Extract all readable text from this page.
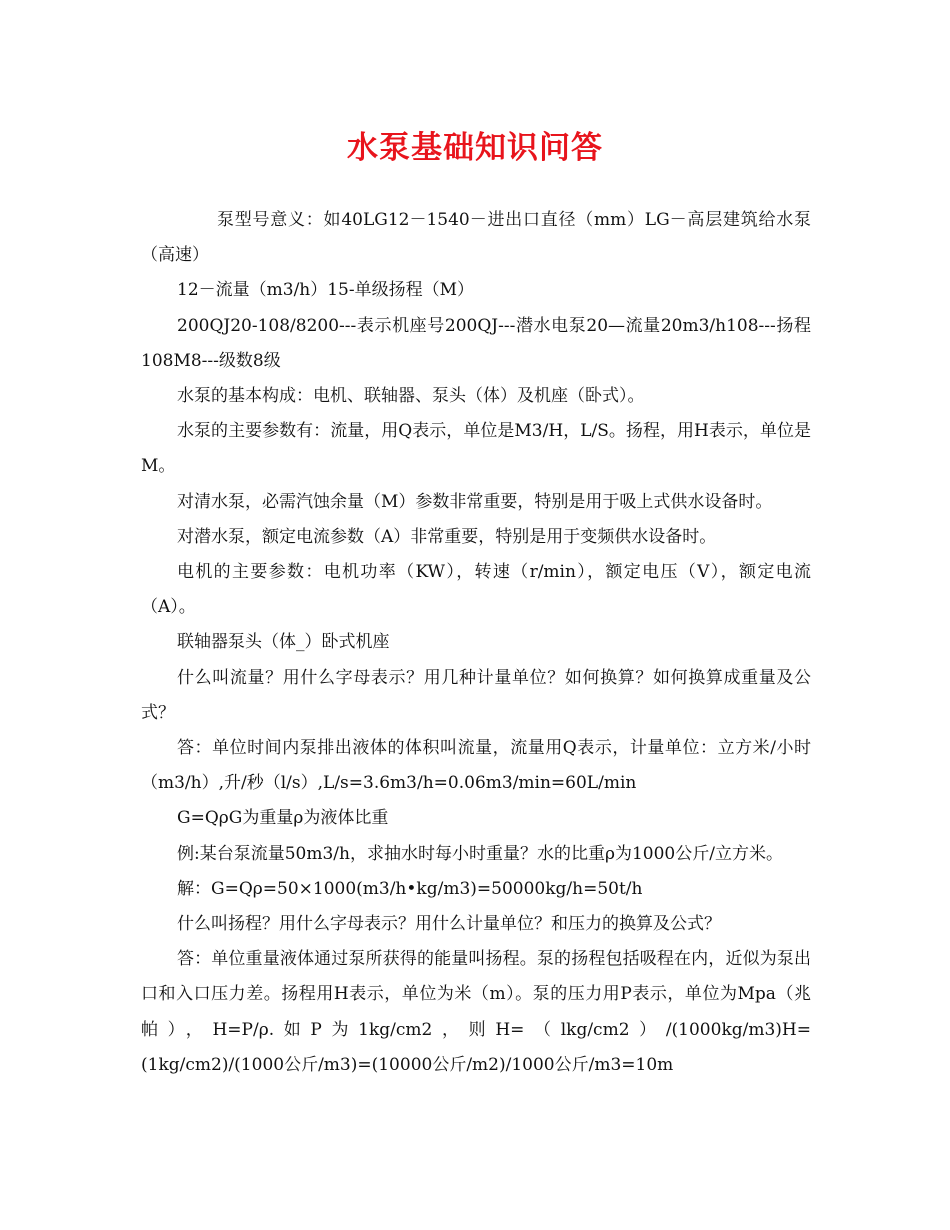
水泵基础知识问答

泵型号意义：如40LG12－1540－进出口直径（mm）LG－高层建筑给水泵（高速）

12－流量（m3/h）15-单级扬程（M）

200QJ20-108/8200---表示机座号200QJ---潜水电泵20—流量20m3/h108---扬程108M8---级数8级

水泵的基本构成：电机、联轴器、泵头（体）及机座（卧式）。

水泵的主要参数有：流量，用Q表示，单位是M3/H，L/S。扬程，用H表示，单位是M。

对清水泵，必需汽蚀余量（M）参数非常重要，特别是用于吸上式供水设备时。

对潜水泵，额定电流参数（A）非常重要，特别是用于变频供水设备时。

电机的主要参数：电机功率（KW），转速（r/min），额定电压（V），额定电流（A）。

联轴器泵头（体_）卧式机座

什么叫流量？用什么字母表示？用几种计量单位？如何换算？如何换算成重量及公式？

答：单位时间内泵排出液体的体积叫流量，流量用Q表示，计量单位：立方米/小时（m3/h）,升/秒（l/s）,L/s=3.6m3/h=0.06m3/min=60L/min

G=QρG为重量ρ为液体比重

例:某台泵流量50m3/h，求抽水时每小时重量？水的比重ρ为1000公斤/立方米。

解：G=Qρ=50×1000(m3/h•kg/m3)=50000kg/h=50t/h

什么叫扬程？用什么字母表示？用什么计量单位？和压力的换算及公式？

答：单位重量液体通过泵所获得的能量叫扬程。泵的扬程包括吸程在内，近似为泵出口和入口压力差。扬程用H表示，单位为米（m）。泵的压力用P表示，单位为Mpa（兆帕），H=P/ρ.如P为1kg/cm2，则H=（lkg/cm2）/(1000kg/m3)H=(1kg/cm2)/(1000公斤/m3)=(10000公斤/m2)/1000公斤/m3=10m
